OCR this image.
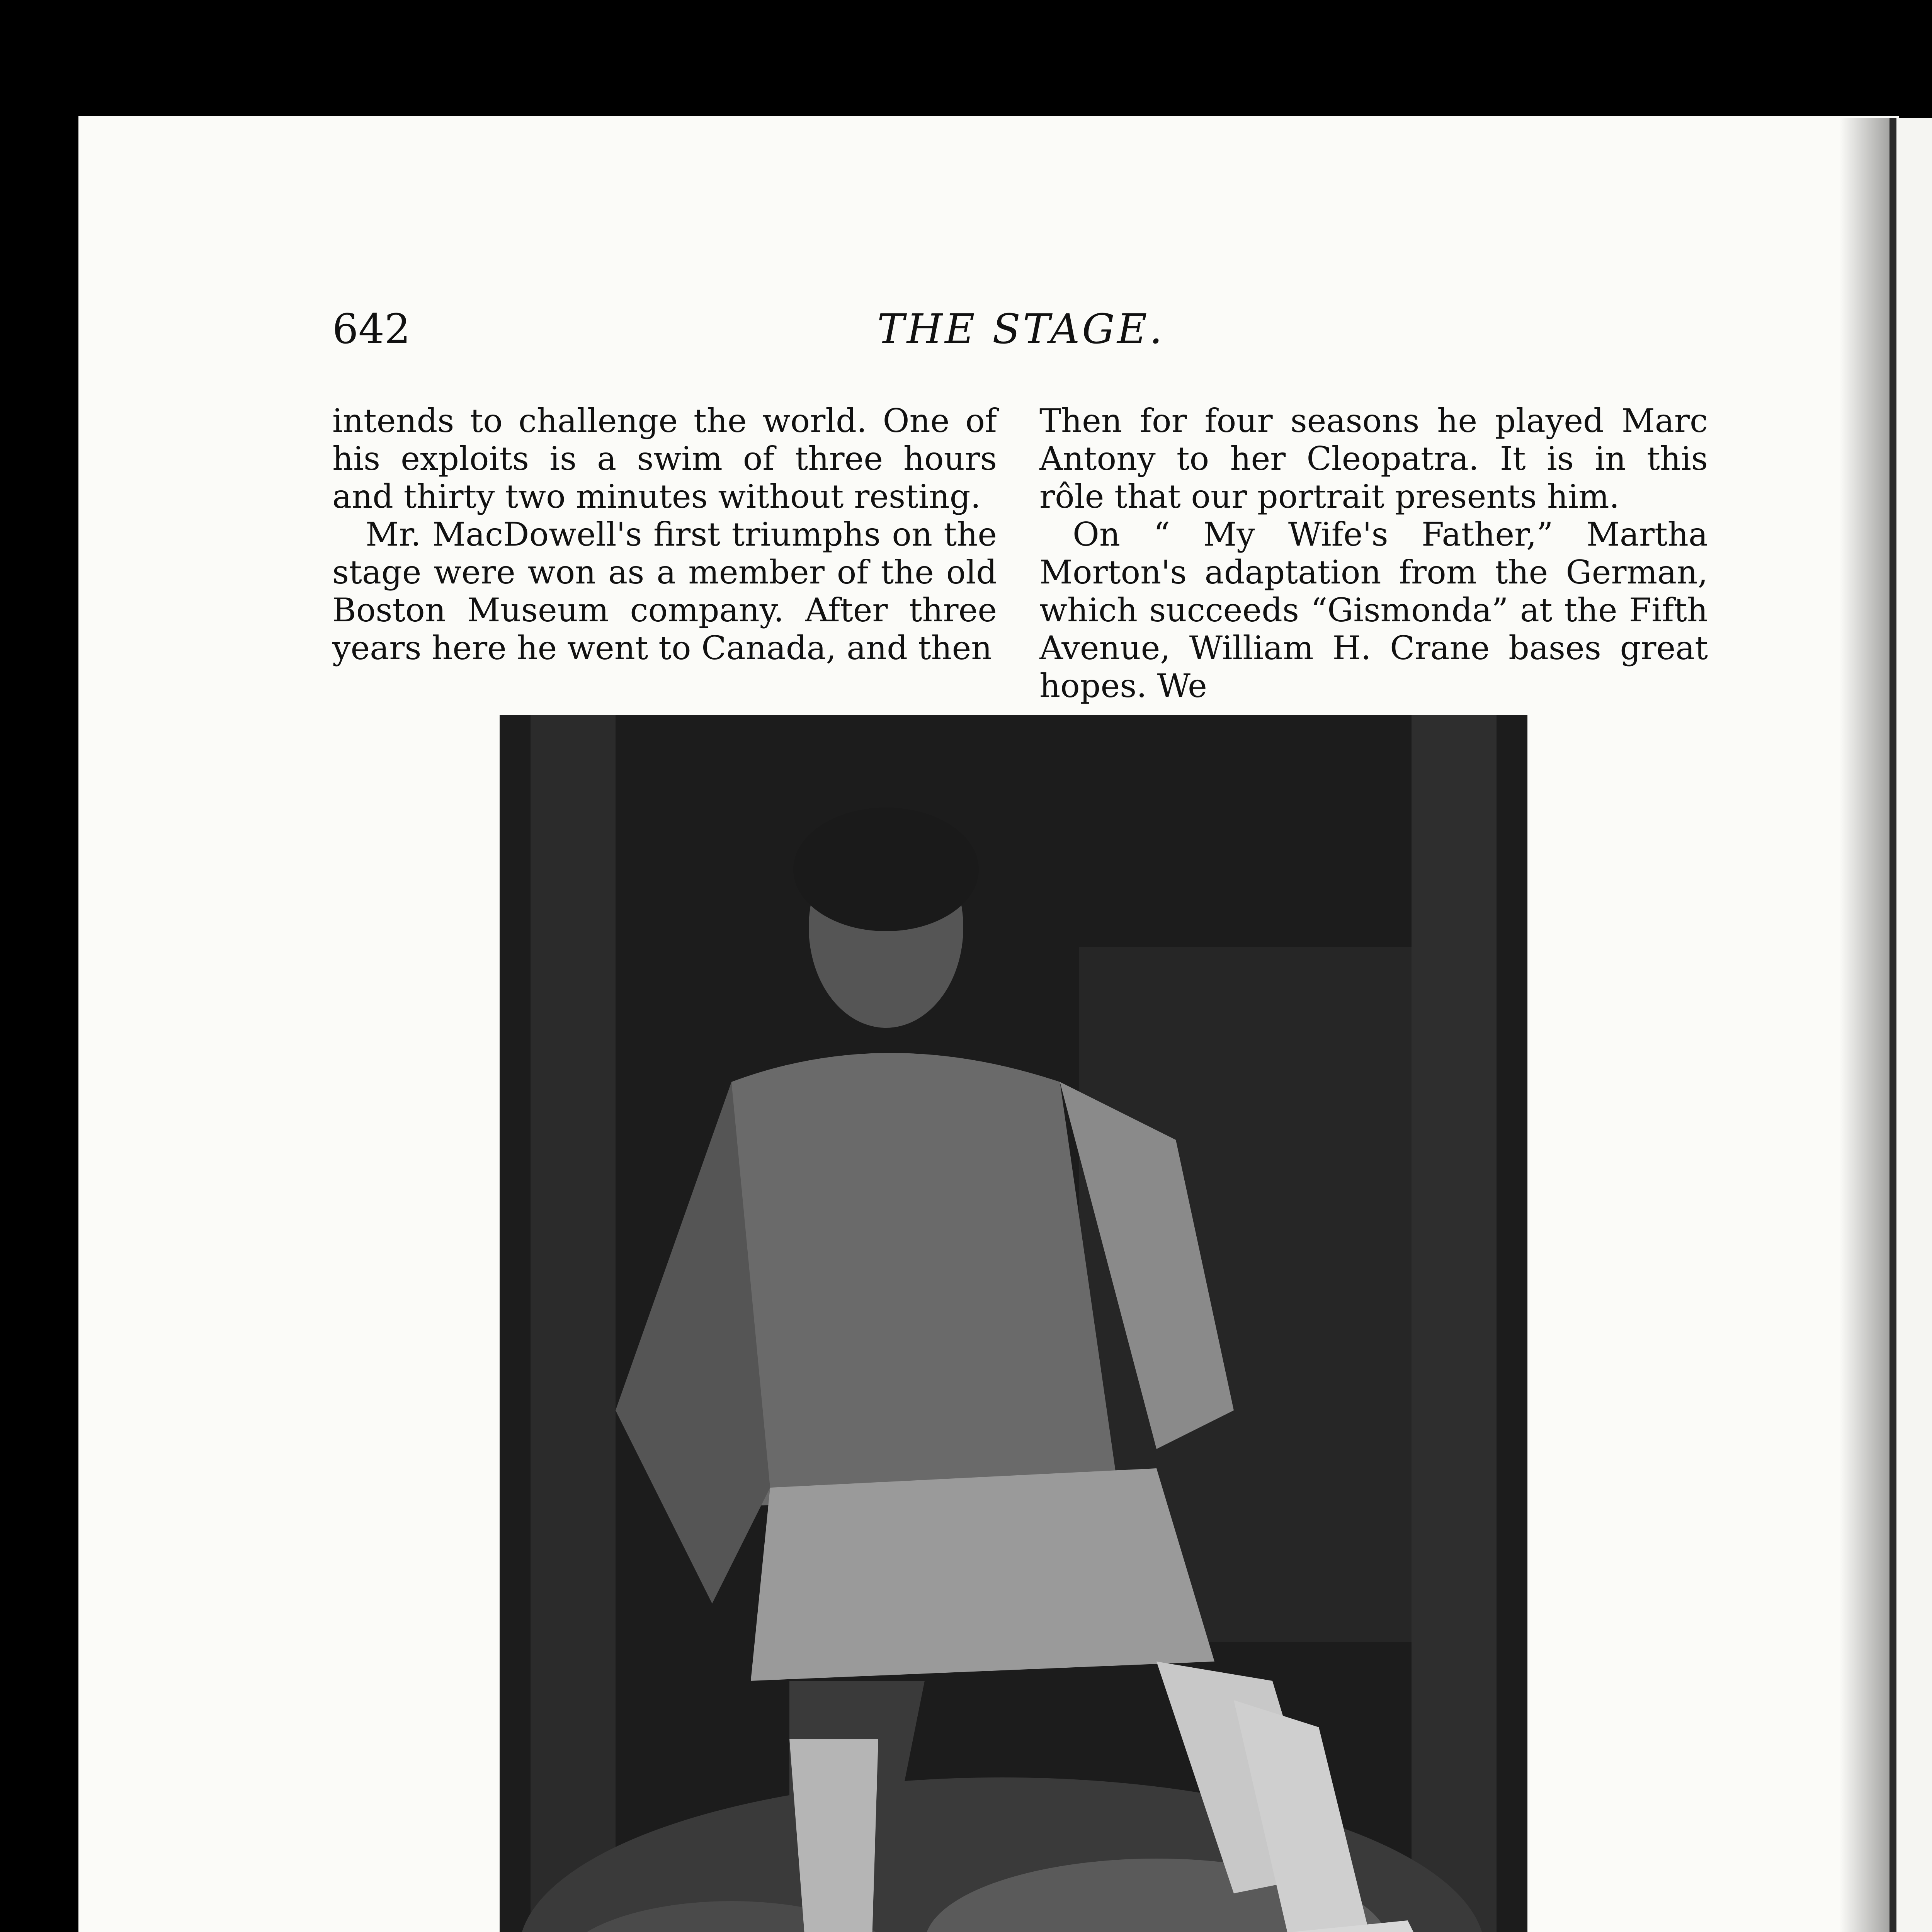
642	THE STAGE.

intends to challenge the world. One of his exploits is a swim of three hours and thirty two minutes without resting.

Mr. MacDowell's first triumphs on the stage were won as a member of the old Boston Museum company. After three years here he went to Canada, and then

Then for four seasons he played Marc Antony to her Cleopatra. It is in this rôle that our portrait presents him.

On “ My Wife's Father,” Martha Morton's adaptation from the German, which succeeds “Gismonda” at the Fifth Avenue, William H. Crane bases great hopes. We
